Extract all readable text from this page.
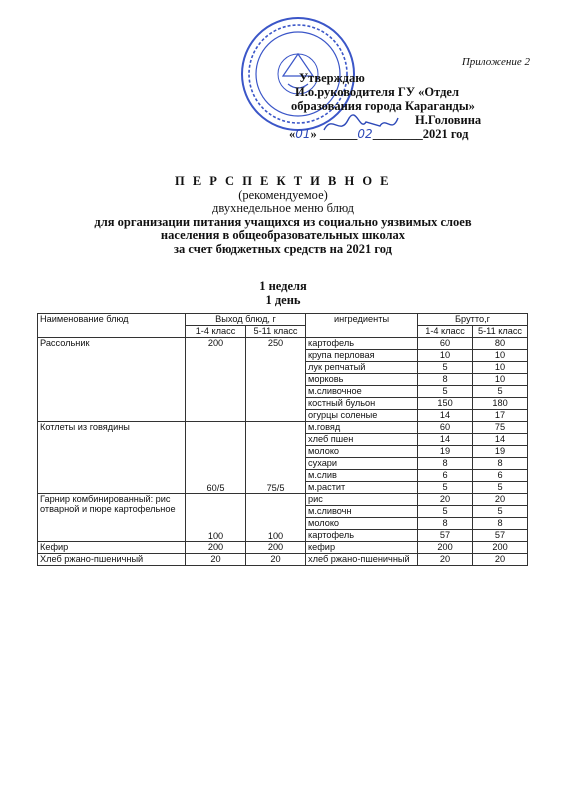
Приложение 2
Утверждаю
И.о.руководителя ГУ «Отдел
образования города Караганды»
Н.Головина
«01» ______02________2021 год
П Е Р С П Е К Т И В Н О Е
(рекомендуемое)
двухнедельное меню блюд
для организации питания учащихся из социально уязвимых слоев
населения в общеобразовательных школах
за счет бюджетных средств на 2021 год
1 неделя
1 день
Наименование блюд	Выход блюд, г		ингредиенты	Брутто,г	
	1-4 класс	5-11 класс		1-4 класс	5-11 класс
Рассольник	200	250	картофель	60	80
			крупа перловая	10	10
			лук репчатый	5	10
			морковь	8	10
			м.сливочное	5	5
			костный бульон	150	180
			огурцы соленые	14	17
Котлеты из говядины	60/5	75/5	м.говяд	60	75
			хлеб пшен	14	14
			молоко	19	19
			сухари	8	8
			м.слив	6	6
			м.растит	5	5
Гарнир комбинированный: рис отварной и пюре картофельное	100	100	рис	20	20
			м.сливочн	5	5
			молоко	8	8
			картофель	57	57
Кефир	200	200	кефир	200	200
Хлеб ржано-пшеничный	20	20	хлеб ржано-пшеничный	20	20
